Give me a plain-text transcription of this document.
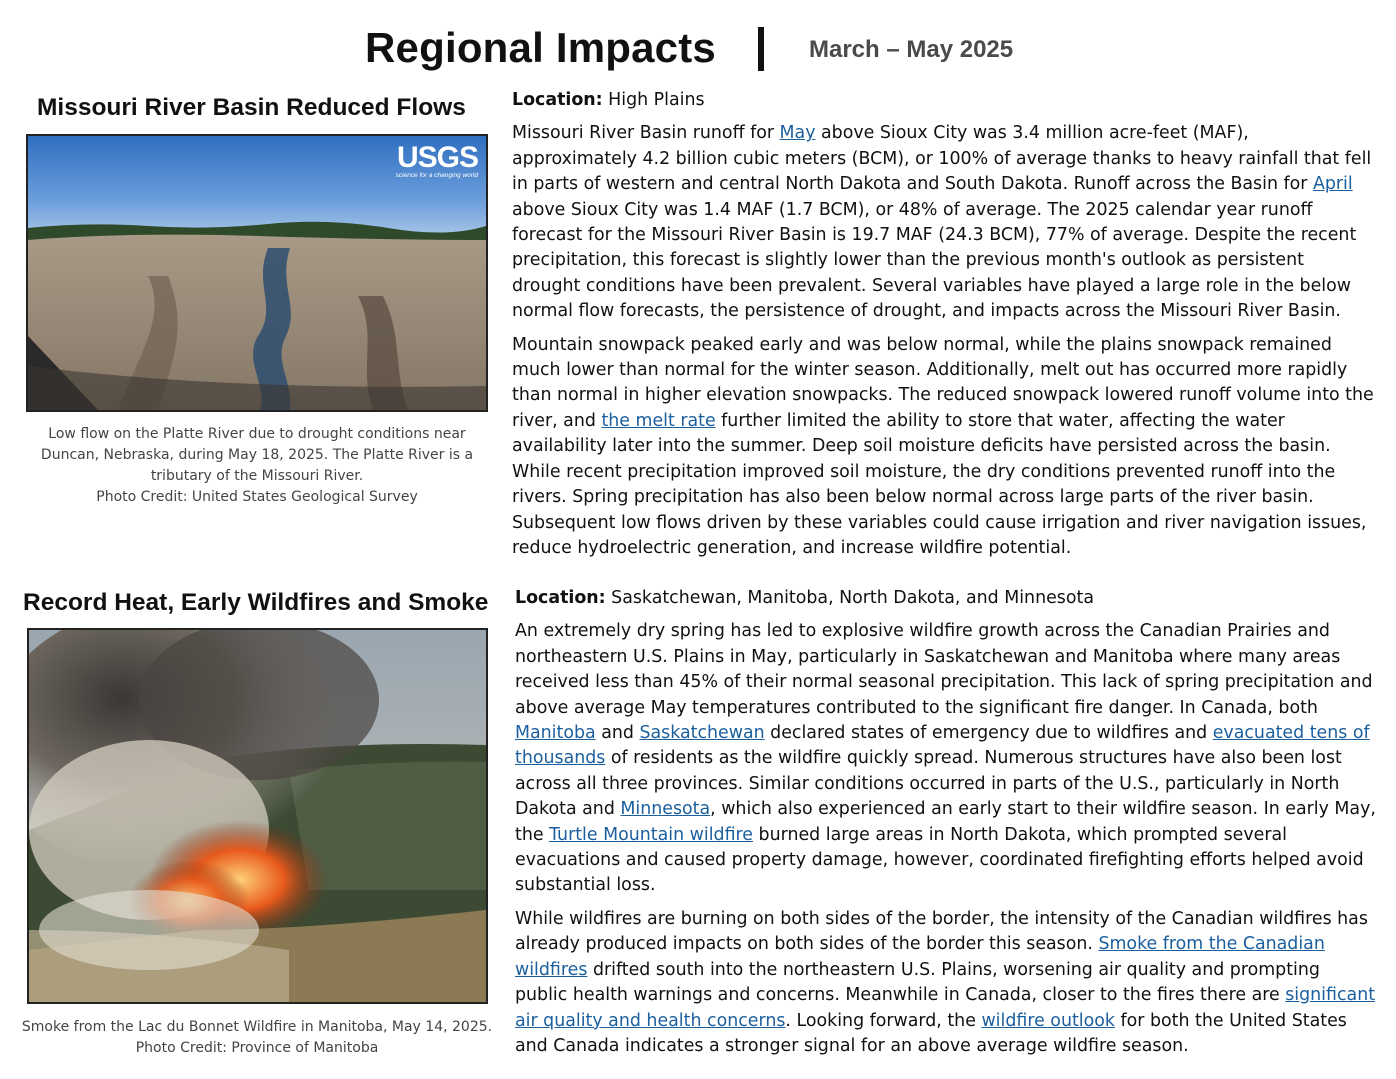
Regional Impacts	March – May 2025
Missouri River Basin Reduced Flows
USGS
science for a changing world
Low flow on the Platte River due to drought conditions near
Duncan, Nebraska, during May 18, 2025. The Platte River is a
tributary of the Missouri River.
Photo Credit: United States Geological Survey
Location: High Plains

Missouri River Basin runoff for May above Sioux City was 3.4 million acre-feet (MAF), approximately 4.2 billion cubic meters (BCM), or 100% of average thanks to heavy rainfall that fell in parts of western and central North Dakota and South Dakota. Runoff across the Basin for April above Sioux City was 1.4 MAF (1.7 BCM), or 48% of average. The 2025 calendar year runoff forecast for the Missouri River Basin is 19.7 MAF (24.3 BCM), 77% of average. Despite the recent precipitation, this forecast is slightly lower than the previous month's outlook as persistent drought conditions have been prevalent. Several variables have played a large role in the below normal flow forecasts, the persistence of drought, and impacts across the Missouri River Basin.

Mountain snowpack peaked early and was below normal, while the plains snowpack remained much lower than normal for the winter season. Additionally, melt out has occurred more rapidly than normal in higher elevation snowpacks. The reduced snowpack lowered runoff volume into the river, and the melt rate further limited the ability to store that water, affecting the water availability later into the summer. Deep soil moisture deficits have persisted across the basin. While recent precipitation improved soil moisture, the dry conditions prevented runoff into the rivers. Spring precipitation has also been below normal across large parts of the river basin. Subsequent low flows driven by these variables could cause irrigation and river navigation issues, reduce hydroelectric generation, and increase wildfire potential.

Record Heat, Early Wildfires and Smoke
Smoke from the Lac du Bonnet Wildfire in Manitoba, May 14, 2025.
Photo Credit: Province of Manitoba
Location: Saskatchewan, Manitoba, North Dakota, and Minnesota

An extremely dry spring has led to explosive wildfire growth across the Canadian Prairies and northeastern U.S. Plains in May, particularly in Saskatchewan and Manitoba where many areas received less than 45% of their normal seasonal precipitation. This lack of spring precipitation and above average May temperatures contributed to the significant fire danger. In Canada, both Manitoba and Saskatchewan declared states of emergency due to wildfires and evacuated tens of thousands of residents as the wildfire quickly spread. Numerous structures have also been lost across all three provinces. Similar conditions occurred in parts of the U.S., particularly in North Dakota and Minnesota, which also experienced an early start to their wildfire season. In early May, the Turtle Mountain wildfire burned large areas in North Dakota, which prompted several evacuations and caused property damage, however, coordinated firefighting efforts helped avoid substantial loss.

While wildfires are burning on both sides of the border, the intensity of the Canadian wildfires has already produced impacts on both sides of the border this season. Smoke from the Canadian wildfires drifted south into the northeastern U.S. Plains, worsening air quality and prompting public health warnings and concerns. Meanwhile in Canada, closer to the fires there are significant air quality and health concerns. Looking forward, the wildfire outlook for both the United States and Canada indicates a stronger signal for an above average wildfire season.
